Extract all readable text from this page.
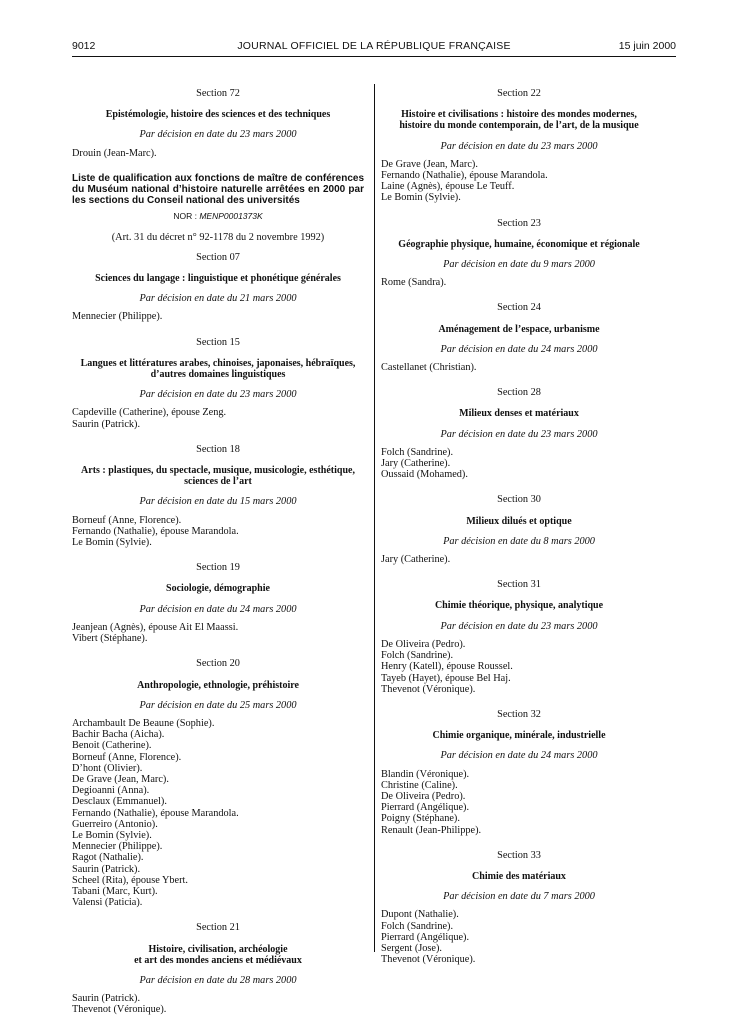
9012	JOURNAL OFFICIEL DE LA RÉPUBLIQUE FRANÇAISE	15 juin 2000
Section 72
Epistémologie, histoire des sciences et des techniques
Par décision en date du 23 mars 2000
Drouin (Jean-Marc).
Liste de qualification aux fonctions de maître de conférences du Muséum national d’histoire naturelle arrêtées en 2000 par les sections du Conseil national des universités
NOR : MENP0001373K
(Art. 31 du décret n° 92-1178 du 2 novembre 1992)
Section 07
Sciences du langage : linguistique et phonétique générales
Par décision en date du 21 mars 2000
Mennecier (Philippe).
Section 15
Langues et littératures arabes, chinoises, japonaises, hébraïques,
d’autres domaines linguistiques
Par décision en date du 23 mars 2000
Capdeville (Catherine), épouse Zeng.
Saurin (Patrick).
Section 18
Arts : plastiques, du spectacle, musique, musicologie, esthétique,
sciences de l’art
Par décision en date du 15 mars 2000
Borneuf (Anne, Florence).
Fernando (Nathalie), épouse Marandola.
Le Bomin (Sylvie).
Section 19
Sociologie, démographie
Par décision en date du 24 mars 2000
Jeanjean (Agnès), épouse Ait El Maassi.
Vibert (Stéphane).
Section 20
Anthropologie, ethnologie, préhistoire
Par décision en date du 25 mars 2000
Archambault De Beaune (Sophie).
Bachir Bacha (Aicha).
Benoit (Catherine).
Borneuf (Anne, Florence).
D’hont (Olivier).
De Grave (Jean, Marc).
Degioanni (Anna).
Desclaux (Emmanuel).
Fernando (Nathalie), épouse Marandola.
Guerreiro (Antonio).
Le Bomin (Sylvie).
Mennecier (Philippe).
Ragot (Nathalie).
Saurin (Patrick).
Scheel (Rita), épouse Ybert.
Tabani (Marc, Kurt).
Valensi (Paticia).
Section 21
Histoire, civilisation, archéologie
et art des mondes anciens et médiévaux
Par décision en date du 28 mars 2000
Saurin (Patrick).
Thevenot (Véronique).
Section 22
Histoire et civilisations : histoire des mondes modernes,
histoire du monde contemporain, de l’art, de la musique
Par décision en date du 23 mars 2000
De Grave (Jean, Marc).
Fernando (Nathalie), épouse Marandola.
Laine (Agnès), épouse Le Teuff.
Le Bomin (Sylvie).
Section 23
Géographie physique, humaine, économique et régionale
Par décision en date du 9 mars 2000
Rome (Sandra).
Section 24
Aménagement de l’espace, urbanisme
Par décision en date du 24 mars 2000
Castellanet (Christian).
Section 28
Milieux denses et matériaux
Par décision en date du 23 mars 2000
Folch (Sandrine).
Jary (Catherine).
Oussaid (Mohamed).
Section 30
Milieux dilués et optique
Par décision en date du 8 mars 2000
Jary (Catherine).
Section 31
Chimie théorique, physique, analytique
Par décision en date du 23 mars 2000
De Oliveira (Pedro).
Folch (Sandrine).
Henry (Katell), épouse Roussel.
Tayeb (Hayet), épouse Bel Haj.
Thevenot (Véronique).
Section 32
Chimie organique, minérale, industrielle
Par décision en date du 24 mars 2000
Blandin (Véronique).
Christine (Caline).
De Oliveira (Pedro).
Pierrard (Angélique).
Poigny (Stéphane).
Renault (Jean-Philippe).
Section 33
Chimie des matériaux
Par décision en date du 7 mars 2000
Dupont (Nathalie).
Folch (Sandrine).
Pierrard (Angélique).
Sergent (Jose).
Thevenot (Véronique).
